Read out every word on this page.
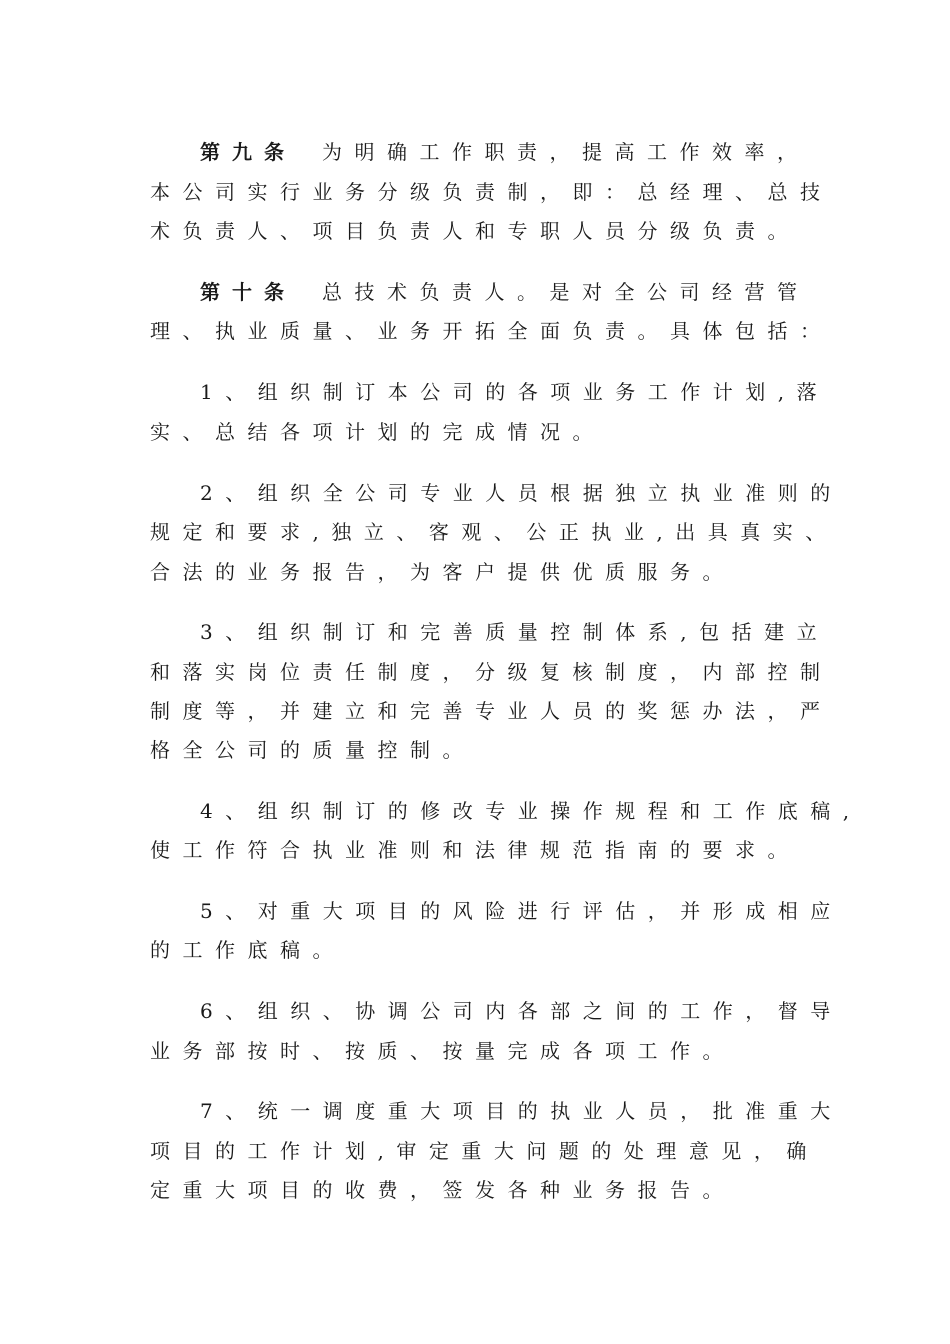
第九条 为明确工作职责，提高工作效率，
本公司实行业务分级负责制，即：总经理、总技
术负责人、项目负责人和专职人员分级负责。
第十条 总技术负责人。是对全公司经营管
理、执业质量、业务开拓全面负责。具体包括：
1、组织制订本公司的各项业务工作计划,落
实、总结各项计划的完成情况。
2、组织全公司专业人员根据独立执业准则的
规定和要求,独立、客观、公正执业,出具真实、
合法的业务报告，为客户提供优质服务。
3、组织制订和完善质量控制体系,包括建立
和落实岗位责任制度，分级复核制度，内部控制
制度等，并建立和完善专业人员的奖惩办法，严
格全公司的质量控制。
4、组织制订的修改专业操作规程和工作底稿,
使工作符合执业准则和法律规范指南的要求。
5、对重大项目的风险进行评估，并形成相应
的工作底稿。
6、组织、协调公司内各部之间的工作，督导
业务部按时、按质、按量完成各项工作。
7、统一调度重大项目的执业人员，批准重大
项目的工作计划,审定重大问题的处理意见，确
定重大项目的收费，签发各种业务报告。
